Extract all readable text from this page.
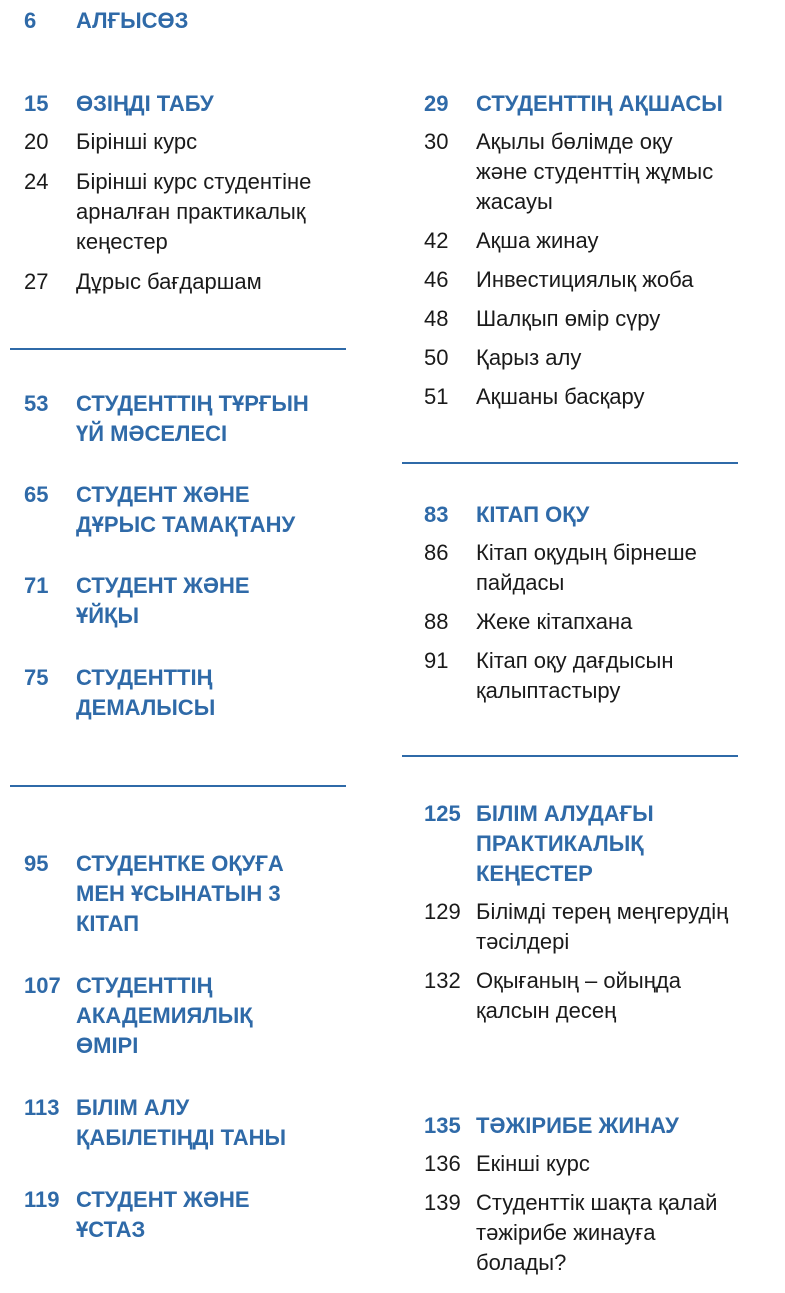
6	АЛҒЫСӨЗ
15	ӨЗІҢДІ ТАБУ
20	Бірінші курс
24	Бірінші курс студентіне
арналған практикалық
кеңестер
27	Дұрыс бағдаршам
53	СТУДЕНТТІҢ ТҰРҒЫН
ҮЙ МӘСЕЛЕСІ
65	СТУДЕНТ ЖӘНЕ
ДҰРЫС ТАМАҚТАНУ
71	СТУДЕНТ ЖӘНЕ
ҰЙҚЫ
75	СТУДЕНТТІҢ
ДЕМАЛЫСЫ
95	СТУДЕНТКЕ ОҚУҒА
МЕН ҰСЫНАТЫН 3
КІТАП
107 СТУДЕНТТІҢ
АКАДЕМИЯЛЫҚ
ӨМІРІ
113 БІЛІМ АЛУ
ҚАБІЛЕТІҢДІ ТАНЫ
119 СТУДЕНТ ЖӘНЕ
ҰСТАЗ
29	СТУДЕНТТІҢ АҚШАСЫ
30	Ақылы бөлімде оқу
және студенттің жұмыс
жасауы
42	Ақша жинау
46	Инвестициялық жоба
48	Шалқып өмір сүру
50	Қарыз алу
51	Ақшаны басқару
83	КІТАП ОҚУ
86	Кітап оқудың бірнеше
пайдасы
88	Жеке кітапхана
91	Кітап оқу дағдысын
қалыптастыру
125 БІЛІМ АЛУДАҒЫ
ПРАКТИКАЛЫҚ
КЕҢЕСТЕР
129 Білімді терең меңгерудің
тәсілдері
132 Оқығаның – ойыңда
қалсын десең
135 ТӘЖІРИБЕ ЖИНАУ
136 Екінші курс
139 Студенттік шақта қалай
тәжірибе жинауға
болады?
